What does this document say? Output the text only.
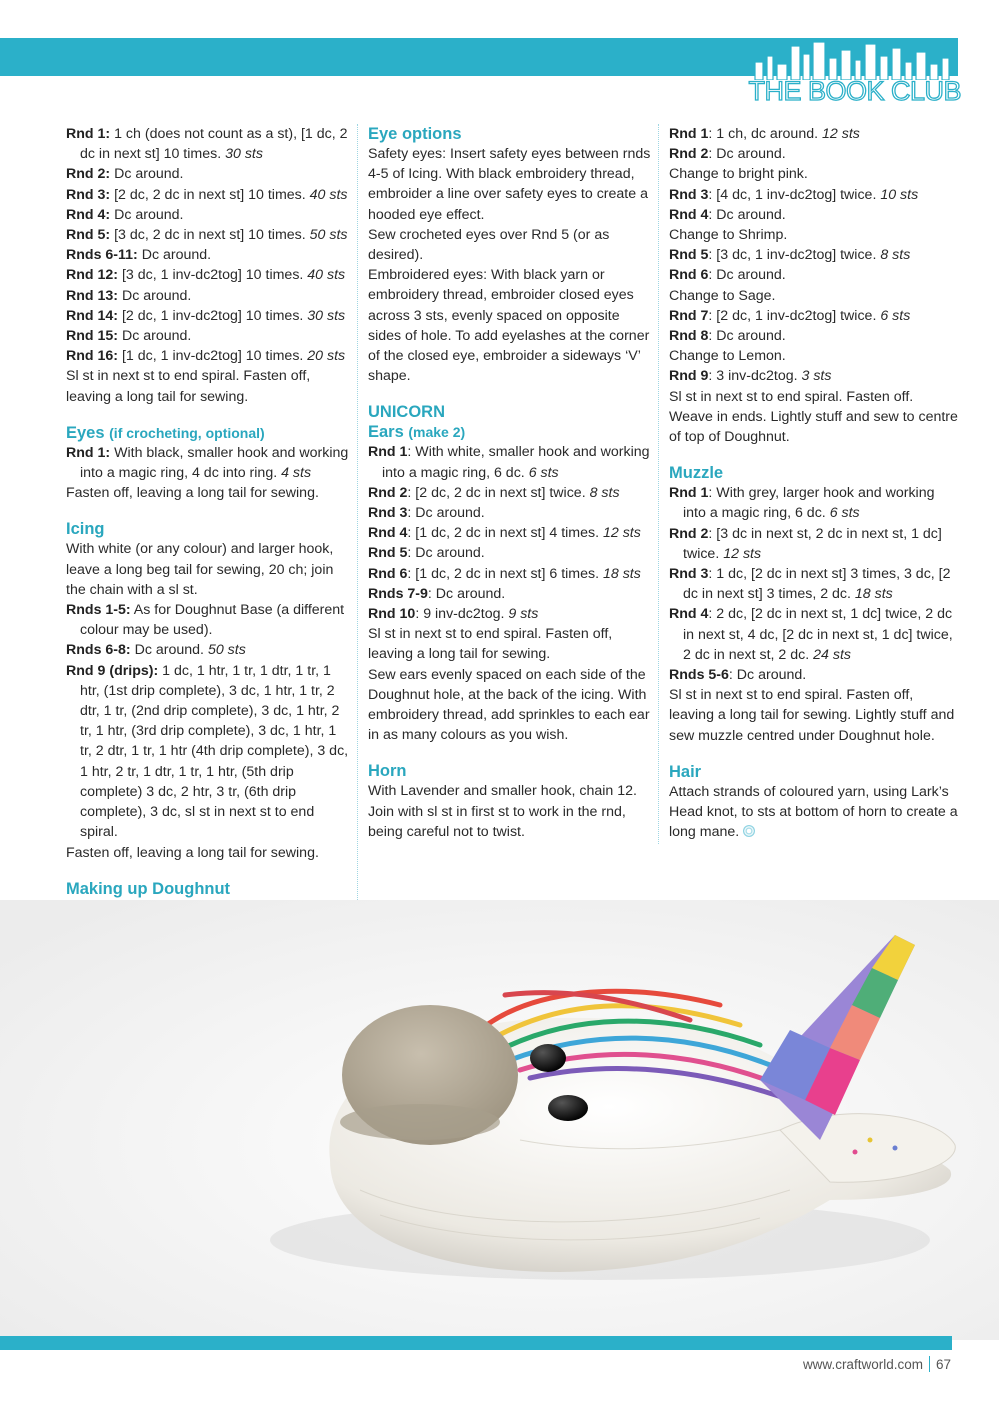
THE BOOK CLUB

Rnd 1: 1 ch (does not count as a st), [1 dc, 2 dc in next st] 10 times. 30 sts

Rnd 2: Dc around.

Rnd 3: [2 dc, 2 dc in next st] 10 times. 40 sts

Rnd 4: Dc around.

Rnd 5: [3 dc, 2 dc in next st] 10 times. 50 sts

Rnds 6-11: Dc around.

Rnd 12: [3 dc, 1 inv-dc2tog] 10 times. 40 sts

Rnd 13: Dc around.

Rnd 14: [2 dc, 1 inv-dc2tog] 10 times. 30 sts

Rnd 15: Dc around.

Rnd 16: [1 dc, 1 inv-dc2tog] 10 times. 20 sts

Sl st in next st to end spiral. Fasten off, leaving a long tail for sewing.

Eyes (if crocheting, optional)

Rnd 1: With black, smaller hook and working into a magic ring, 4 dc into ring. 4 sts

Fasten off, leaving a long tail for sewing.

Icing

With white (or any colour) and larger hook, leave a long beg tail for sewing, 20 ch; join the chain with a sl st.

Rnds 1-5: As for Doughnut Base (a different colour may be used).

Rnds 6-8: Dc around. 50 sts

Rnd 9 (drips): 1 dc, 1 htr, 1 tr, 1 dtr, 1 tr, 1 htr, (1st drip complete), 3 dc, 1 htr, 1 tr, 2 dtr, 1 tr, (2nd drip complete), 3 dc, 1 htr, 2 tr, 1 htr, (3rd drip complete), 3 dc, 1 htr, 1 tr, 2 dtr, 1 tr, 1 htr (4th drip complete), 3 dc, 1 htr, 2 tr, 1 dtr, 1 tr, 1 htr, (5th drip complete) 3 dc, 2 htr, 3 tr, (6th drip complete), 3 dc, sl st in next st to end spiral.

Fasten off, leaving a long tail for sewing.

Making up Doughnut

Eye options

Safety eyes: Insert safety eyes between rnds 4-5 of Icing. With black embroidery thread, embroider a line over safety eyes to create a hooded eye effect.

Sew crocheted eyes over Rnd 5 (or as desired).

Embroidered eyes: With black yarn or embroidery thread, embroider closed eyes across 3 sts, evenly spaced on opposite sides of hole. To add eyelashes at the corner of the closed eye, embroider a sideways ‘V’ shape.

UNICORN
Ears (make 2)

Rnd 1: With white, smaller hook and working into a magic ring, 6 dc. 6 sts

Rnd 2: [2 dc, 2 dc in next st] twice. 8 sts

Rnd 3: Dc around.

Rnd 4: [1 dc, 2 dc in next st] 4 times. 12 sts

Rnd 5: Dc around.

Rnd 6: [1 dc, 2 dc in next st] 6 times. 18 sts

Rnds 7-9: Dc around.

Rnd 10: 9 inv-dc2tog. 9 sts

Sl st in next st to end spiral. Fasten off, leaving a long tail for sewing.

Sew ears evenly spaced on each side of the Doughnut hole, at the back of the icing. With embroidery thread, add sprinkles to each ear in as many colours as you wish.

Horn

With Lavender and smaller hook, chain 12. Join with sl st in first st to work in the rnd, being careful not to twist.

Rnd 1: 1 ch, dc around. 12 sts

Rnd 2: Dc around.

Change to bright pink.

Rnd 3: [4 dc, 1 inv-dc2tog] twice. 10 sts

Rnd 4: Dc around.

Change to Shrimp.

Rnd 5: [3 dc, 1 inv-dc2tog] twice. 8 sts

Rnd 6: Dc around.

Change to Sage.

Rnd 7: [2 dc, 1 inv-dc2tog] twice. 6 sts

Rnd 8: Dc around.

Change to Lemon.

Rnd 9: 3 inv-dc2tog. 3 sts

Sl st in next st to end spiral. Fasten off. Weave in ends. Lightly stuff and sew to centre of top of Doughnut.

Muzzle

Rnd 1: With grey, larger hook and working into a magic ring, 6 dc. 6 sts

Rnd 2: [3 dc in next st, 2 dc in next st, 1 dc] twice. 12 sts

Rnd 3: 1 dc, [2 dc in next st] 3 times, 3 dc, [2 dc in next st] 3 times, 2 dc. 18 sts

Rnd 4: 2 dc, [2 dc in next st, 1 dc] twice, 2 dc in next st, 4 dc, [2 dc in next st, 1 dc] twice, 2 dc in next st, 2 dc. 24 sts

Rnds 5-6: Dc around.

Sl st in next st to end spiral. Fasten off, leaving a long tail for sewing. Lightly stuff and sew muzzle centred under Doughnut hole.

Hair

Attach strands of coloured yarn, using Lark’s Head knot, to sts at bottom of horn to create a long mane.

www.craftworld.com 67
